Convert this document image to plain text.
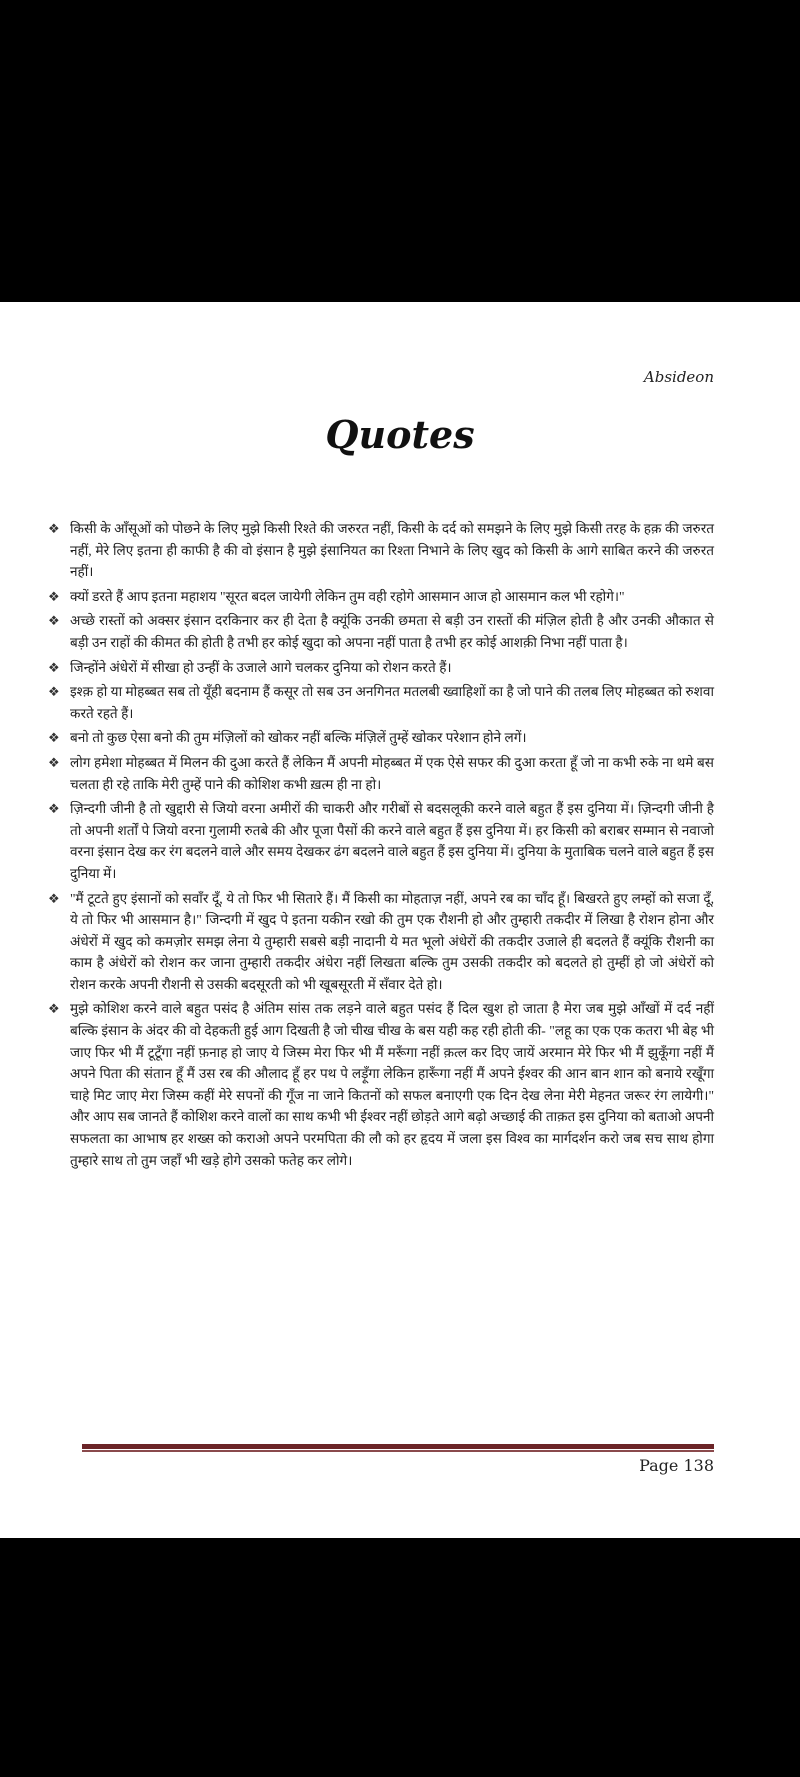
Absideon
Quotes
❖ किसी के आँसूओं को पोछने के लिए मुझे किसी रिश्ते की जरुरत नहीं, किसी के दर्द को समझने के लिए मुझे किसी तरह के हक़ की जरुरत नहीं, मेरे लिए इतना ही काफी है की वो इंसान है मुझे इंसानियत का रिश्ता निभाने के लिए खुद को किसी के आगे साबित करने की जरुरत नहीं।
❖ क्यों डरते हैं आप इतना महाशय "सूरत बदल जायेगी लेकिन तुम वही रहोगे आसमान आज हो आसमान कल भी रहोगे।"
❖ अच्छे रास्तों को अक्सर इंसान दरकिनार कर ही देता है क्यूंकि उनकी छमता से बड़ी उन रास्तों की मंज़िल होती है और उनकी औकात से बड़ी उन राहों की कीमत की होती है तभी हर कोई खुदा को अपना नहीं पाता है तभी हर कोई आशक़ी निभा नहीं पाता है।
❖ जिन्होंने अंधेरों में सीखा हो उन्हीं के उजाले आगे चलकर दुनिया को रोशन करते हैं।
❖ इश्क़ हो या मोहब्बत सब तो यूँही बदनाम हैं कसूर तो सब उन अनगिनत मतलबी ख्वाहिशों का है जो पाने की तलब लिए मोहब्बत को रुशवा करते रहते हैं।
❖ बनो तो कुछ ऐसा बनो की तुम मंज़िलों को खोकर नहीं बल्कि मंज़िलें तुम्हें खोकर परेशान होने लगें।
❖ लोग हमेशा मोहब्बत में मिलन की दुआ करते हैं लेकिन मैं अपनी मोहब्बत में एक ऐसे सफर की दुआ करता हूँ जो ना कभी रुके ना थमे बस चलता ही रहे ताकि मेरी तुम्हें पाने की कोशिश कभी ख़त्म ही ना हो।
❖ ज़िन्दगी जीनी है तो खुद्दारी से जियो वरना अमीरों की चाकरी और गरीबों से बदसलूकी करने वाले बहुत हैं इस दुनिया में। ज़िन्दगी जीनी है तो अपनी शर्तों पे जियो वरना गुलामी रुतबे की और पूजा पैसों की करने वाले बहुत हैं इस दुनिया में। हर किसी को बराबर सम्मान से नवाजो वरना इंसान देख कर रंग बदलने वाले और समय देखकर ढंग बदलने वाले बहुत हैं इस दुनिया में। दुनिया के मुताबिक चलने वाले बहुत हैं इस दुनिया में।
❖ "मैं टूटते हुए इंसानों को सवाँर दूँ, ये तो फिर भी सितारे हैं। मैं किसी का मोहताज़ नहीं, अपने रब का चाँद हूँ। बिखरते हुए लम्हों को सजा दूँ, ये तो फिर भी आसमान है।" जिन्दगी में खुद पे इतना यकीन रखो की तुम एक रौशनी हो और तुम्हारी तकदीर में लिखा है रोशन होना और अंधेरों में खुद को कमज़ोर समझ लेना ये तुम्हारी सबसे बड़ी नादानी ये मत भूलो अंधेरों की तकदीर उजाले ही बदलते हैं क्यूंकि रौशनी का काम है अंधेरों को रोशन कर जाना तुम्हारी तकदीर अंधेरा नहीं लिखता बल्कि तुम उसकी तकदीर को बदलते हो तुम्हीं हो जो अंधेरों को रोशन करके अपनी रौशनी से उसकी बदसूरती को भी खूबसूरती में सँवार देते हो।
❖ मुझे कोशिश करने वाले बहुत पसंद है अंतिम सांस तक लड़ने वाले बहुत पसंद हैं दिल खुश हो जाता है मेरा जब मुझे आँखों में दर्द नहीं बल्कि इंसान के अंदर की वो देहकती हुई आग दिखती है जो चीख चीख के बस यही कह रही होती की- "लहू का एक एक कतरा भी बेह भी जाए फिर भी मैं टूटूँगा नहीं फ़नाह हो जाए ये जिस्म मेरा फिर भी मैं मरूँगा नहीं क़त्ल कर दिए जायें अरमान मेरे फिर भी मैं झुकूँगा नहीं मैं अपने पिता की संतान हूँ मैं उस रब की औलाद हूँ हर पथ पे लड़ूँगा लेकिन हारूँगा नहीं मैं अपने ईश्वर की आन बान शान को बनाये रखूँगा चाहे मिट जाए मेरा जिस्म कहीं मेरे सपनों की गूँज ना जाने कितनों को सफल बनाएगी एक दिन देख लेना मेरी मेहनत जरूर रंग लायेगी।" और आप सब जानते हैं कोशिश करने वालों का साथ कभी भी ईश्वर नहीं छोड़ते आगे बढ़ो अच्छाई की ताक़त इस दुनिया को बताओ अपनी सफलता का आभाष हर शख्स को कराओ अपने परमपिता की लौ को हर हृदय में जला इस विश्व का मार्गदर्शन करो जब सच साथ होगा तुम्हारे साथ तो तुम जहाँ भी खड़े होगे उसको फतेह कर लोगे।
Page 138
